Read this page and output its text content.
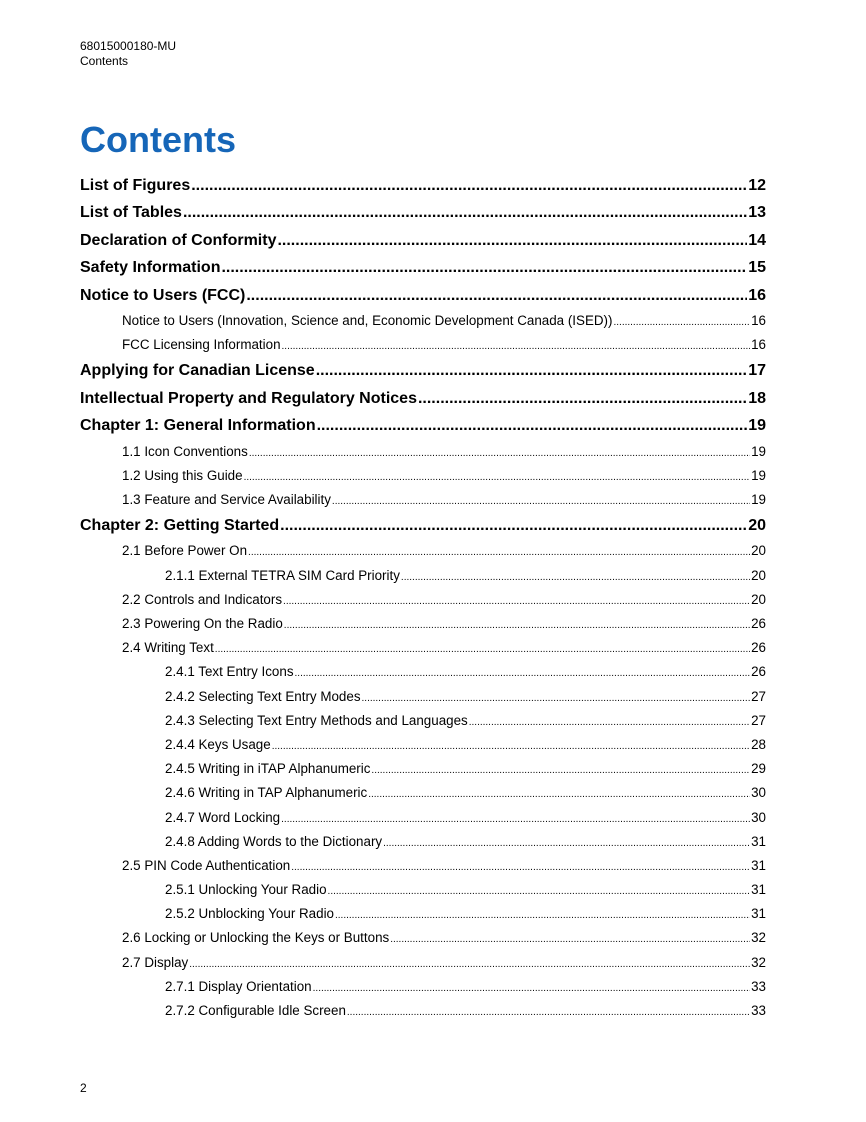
68015000180-MU
Contents
Contents
List of Figures .....	12
List of Tables .....	13
Declaration of Conformity .....	14
Safety Information .....	15
Notice to Users (FCC) .....	16
Notice to Users (Innovation, Science and, Economic Development Canada (ISED)) .....	16
FCC Licensing Information .....	16
Applying for Canadian License .....	17
Intellectual Property and Regulatory Notices .....	18
Chapter 1: General Information .....	19
1.1 Icon Conventions .....	19
1.2 Using this Guide .....	19
1.3 Feature and Service Availability .....	19
Chapter 2: Getting Started .....	20
2.1 Before Power On .....	20
2.1.1 External TETRA SIM Card Priority .....	20
2.2 Controls and Indicators .....	20
2.3 Powering On the Radio .....	26
2.4 Writing Text .....	26
2.4.1 Text Entry Icons .....	26
2.4.2 Selecting Text Entry Modes .....	27
2.4.3 Selecting Text Entry Methods and Languages .....	27
2.4.4 Keys Usage .....	28
2.4.5 Writing in iTAP Alphanumeric .....	29
2.4.6 Writing in TAP Alphanumeric .....	30
2.4.7 Word Locking .....	30
2.4.8 Adding Words to the Dictionary .....	31
2.5 PIN Code Authentication .....	31
2.5.1 Unlocking Your Radio .....	31
2.5.2 Unblocking Your Radio .....	31
2.6 Locking or Unlocking the Keys or Buttons .....	32
2.7 Display .....	32
2.7.1 Display Orientation .....	33
2.7.2 Configurable Idle Screen .....	33
2
